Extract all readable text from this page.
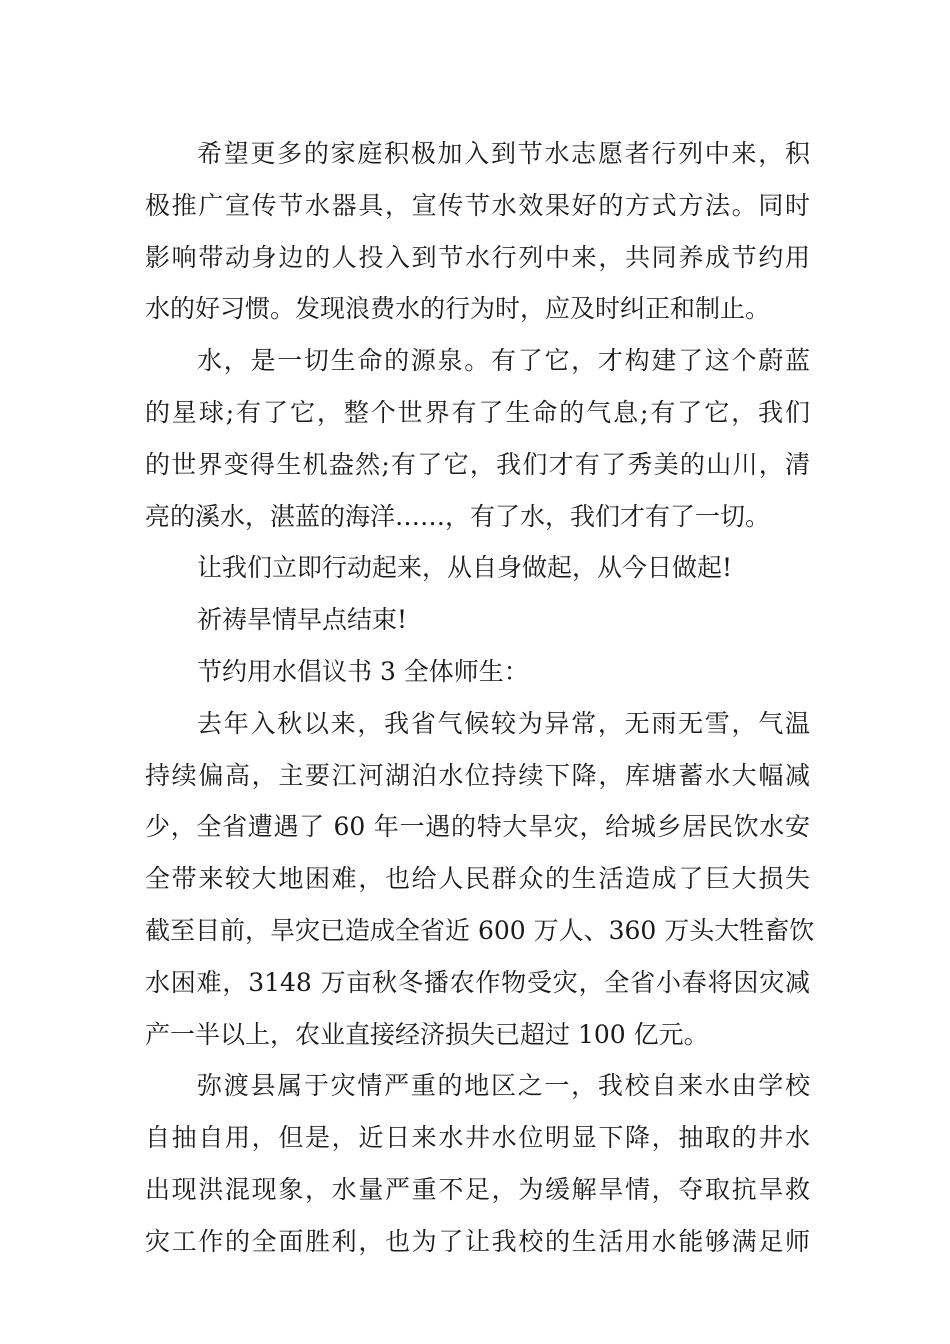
希望更多的家庭积极加入到节水志愿者行列中来，积
极推广宣传节水器具，宣传节水效果好的方式方法。同时
影响带动身边的人投入到节水行列中来，共同养成节约用
水的好习惯。发现浪费水的行为时，应及时纠正和制止。
水，是一切生命的源泉。有了它，才构建了这个蔚蓝
的星球;有了它，整个世界有了生命的气息;有了它，我们
的世界变得生机盎然;有了它，我们才有了秀美的山川，清
亮的溪水，湛蓝的海洋……，有了水，我们才有了一切。
让我们立即行动起来，从自身做起，从今日做起!
祈祷旱情早点结束!
节约用水倡议书 3 全体师生：
去年入秋以来，我省气候较为异常，无雨无雪，气温
持续偏高，主要江河湖泊水位持续下降，库塘蓄水大幅减
少，全省遭遇了 60 年一遇的特大旱灾，给城乡居民饮水安
全带来较大地困难，也给人民群众的生活造成了巨大损失
截至目前，旱灾已造成全省近 600 万人、360 万头大牲畜饮
水困难，3148 万亩秋冬播农作物受灾，全省小春将因灾减
产一半以上，农业直接经济损失已超过 100 亿元。
弥渡县属于灾情严重的地区之一，我校自来水由学校
自抽自用，但是，近日来水井水位明显下降，抽取的井水
出现洪混现象，水量严重不足，为缓解旱情，夺取抗旱救
灾工作的全面胜利，也为了让我校的生活用水能够满足师
